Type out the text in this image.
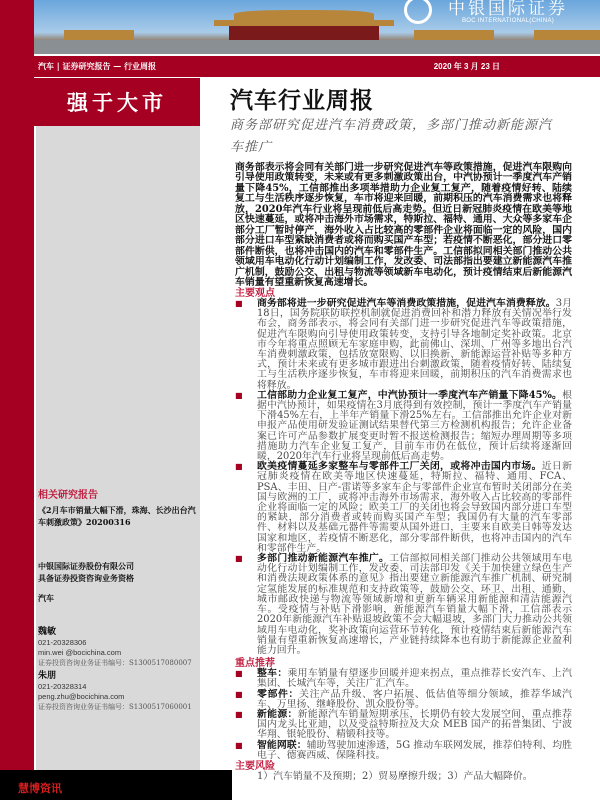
中银国际证券
BOC INTERNATIONAL(CHINA)
汽车 | 证券研究报告 — 行业周报	2020 年 3 月 23 日
强于大市	汽车行业周报
商务部研究促进汽车消费政策，多部门推动新能源汽车推广
商务部表示将会同有关部门进一步研究促进汽车等政策措施，促进汽车限购向引导使用政策转变，未来或有更多刺激政策出台，中汽协预计一季度汽车产销量下降45%，工信部推出多项举措助力企业复工复产，随着疫情好转、陆续复工与生活秩序逐步恢复，车市将迎来回暖，前期积压的汽车消费需求也将释放，2020年汽车行业将呈现前低后高走势。但近日新冠肺炎疫情在欧美等地区快速蔓延，或将冲击海外市场需求，特斯拉、福特、通用、大众等多家车企部分工厂暂时停产，海外收入占比较高的零部件企业将面临一定的风险，国内部分进口车型紧缺消费者或将而购买国产车型；若疫情不断恶化，部分进口零部件断供，也将冲击国内的汽车和零部件生产。工信部拟同相关部门推动公共领域用车电动化行动计划编制工作，发改委、司法部指出要建立新能源汽车推广机制，鼓励公交、出租与物流等领域新车电动化，预计疫情结束后新能源汽车销量有望重新恢复高速增长。
主要观点
■	商务部将进一步研究促进汽车等消费政策措施，促进汽车消费释放。3月18日，国务院联防联控机制就促进消费回补和潜力释放有关情况举行发布会，商务部表示，将会同有关部门进一步研究促进汽车等政策措施，促进汽车限购向引导使用政策转变，支持引导各地制定奖补政策。北京市今年将重点照顾无车家庭申购，此前佛山、深圳、广州等多地出台汽车消费刺激政策，包括放宽限购、以旧换新、新能源运营补贴等多种方式，预计未来或有更多城市跟进出台刺激政策，随着疫情好转、陆续复工与生活秩序逐步恢复，车市将迎来回暖，前期积压的汽车消费需求也将释放。
■	工信部助力企业复工复产，中汽协预计一季度汽车产销量下降45%。根据中汽协预计，如果疫情在3月底得到有效控制，预计一季度汽车产销量下滑45%左右，上半年产销量下滑25%左右。工信部推出允许企业对新申报产品使用研发验证测试结果替代第三方检测机构报告；允许企业备案已许可产品参数扩展变更时暂不报送检测报告；缩短办理周期等多项措施助力汽车企业复工复产，目前车市仍在低位，预计后续将逐渐回暖，2020年汽车行业将呈现前低后高走势。
■	欧美疫情蔓延多家整车与零部件工厂关闭，或将冲击国内市场。近日新冠肺炎疫情在欧美等地区快速蔓延，特斯拉、福特、通用、FCA、PSA、丰田、日产-雷诺等多家车企与零部件企业宣布暂时关闭部分在美国与欧洲的工厂，或将冲击海外市场需求，海外收入占比较高的零部件企业将面临一定的风险；欧美工厂的关闭也将会导致国内部分进口车型的紧缺，部分消费者或转而购买国产车型；我国仍有大量的汽车零部件、材料以及基础元器件等需要从国外进口，主要来自欧美日韩等发达国家和地区，若疫情不断恶化，部分零部件断供，也将冲击国内的汽车和零部件生产。
■	多部门推动新能源汽车推广。工信部拟同相关部门推动公共领域用车电动化行动计划编制工作，发改委、司法部印发《关于加快建立绿色生产和消费法规政策体系的意见》指出要建立新能源汽车推广机制、研究制定氢能发展的标准规范和支持政策等，鼓励公交、环卫、出租、通勤、城市邮政快递与物流等领域新增和更新车辆采用新能源和清洁能源汽车。受疫情与补贴下滑影响，新能源汽车销量大幅下滑，工信部表示2020年新能源汽车补贴退坡政策不会大幅退坡，多部门大力推动公共领域用车电动化，奖补政策向运营环节转化，预计疫情结束后新能源汽车销量有望重新恢复高速增长，产业链持续降本也有助于新能源企业盈利能力回升。
重点推荐
■	整车：乘用车销量有望逐步回暖并迎来拐点，重点推荐长安汽车、上汽集团、长城汽车等，关注广汇汽车。
■	零部件：关注产品升级、客户拓展、低估值等细分领域，推荐华域汽车、万里扬、继峰股份、凯众股份等。
■	新能源：新能源汽车销量短期承压，长期仍有较大发展空间，重点推荐国内龙头比亚迪，以及受益特斯拉及大众 MEB 国产的拓普集团、宁波华翔、银轮股份、精锻科技等。
■	智能网联：辅助驾驶加速渗透，5G 推动车联网发展，推荐伯特利、均胜电子、德赛西威、保隆科技。
主要风险
1）汽车销量不及预期；2）贸易摩擦升级；3）产品大幅降价。
相关研究报告
《2月车市销量大幅下滑，珠海、长沙出台汽车刺激政策》20200316
中银国际证券股份有限公司
具备证券投资咨询业务资格
汽车
魏敏
021-20328306
min.wei @bocichina.com
证券投资咨询业务证书编号：S1300517080007
朱朋
021-20328314
peng.zhu@bocichina.com
证券投资咨询业务证书编号：S1300517060001
慧博资讯
